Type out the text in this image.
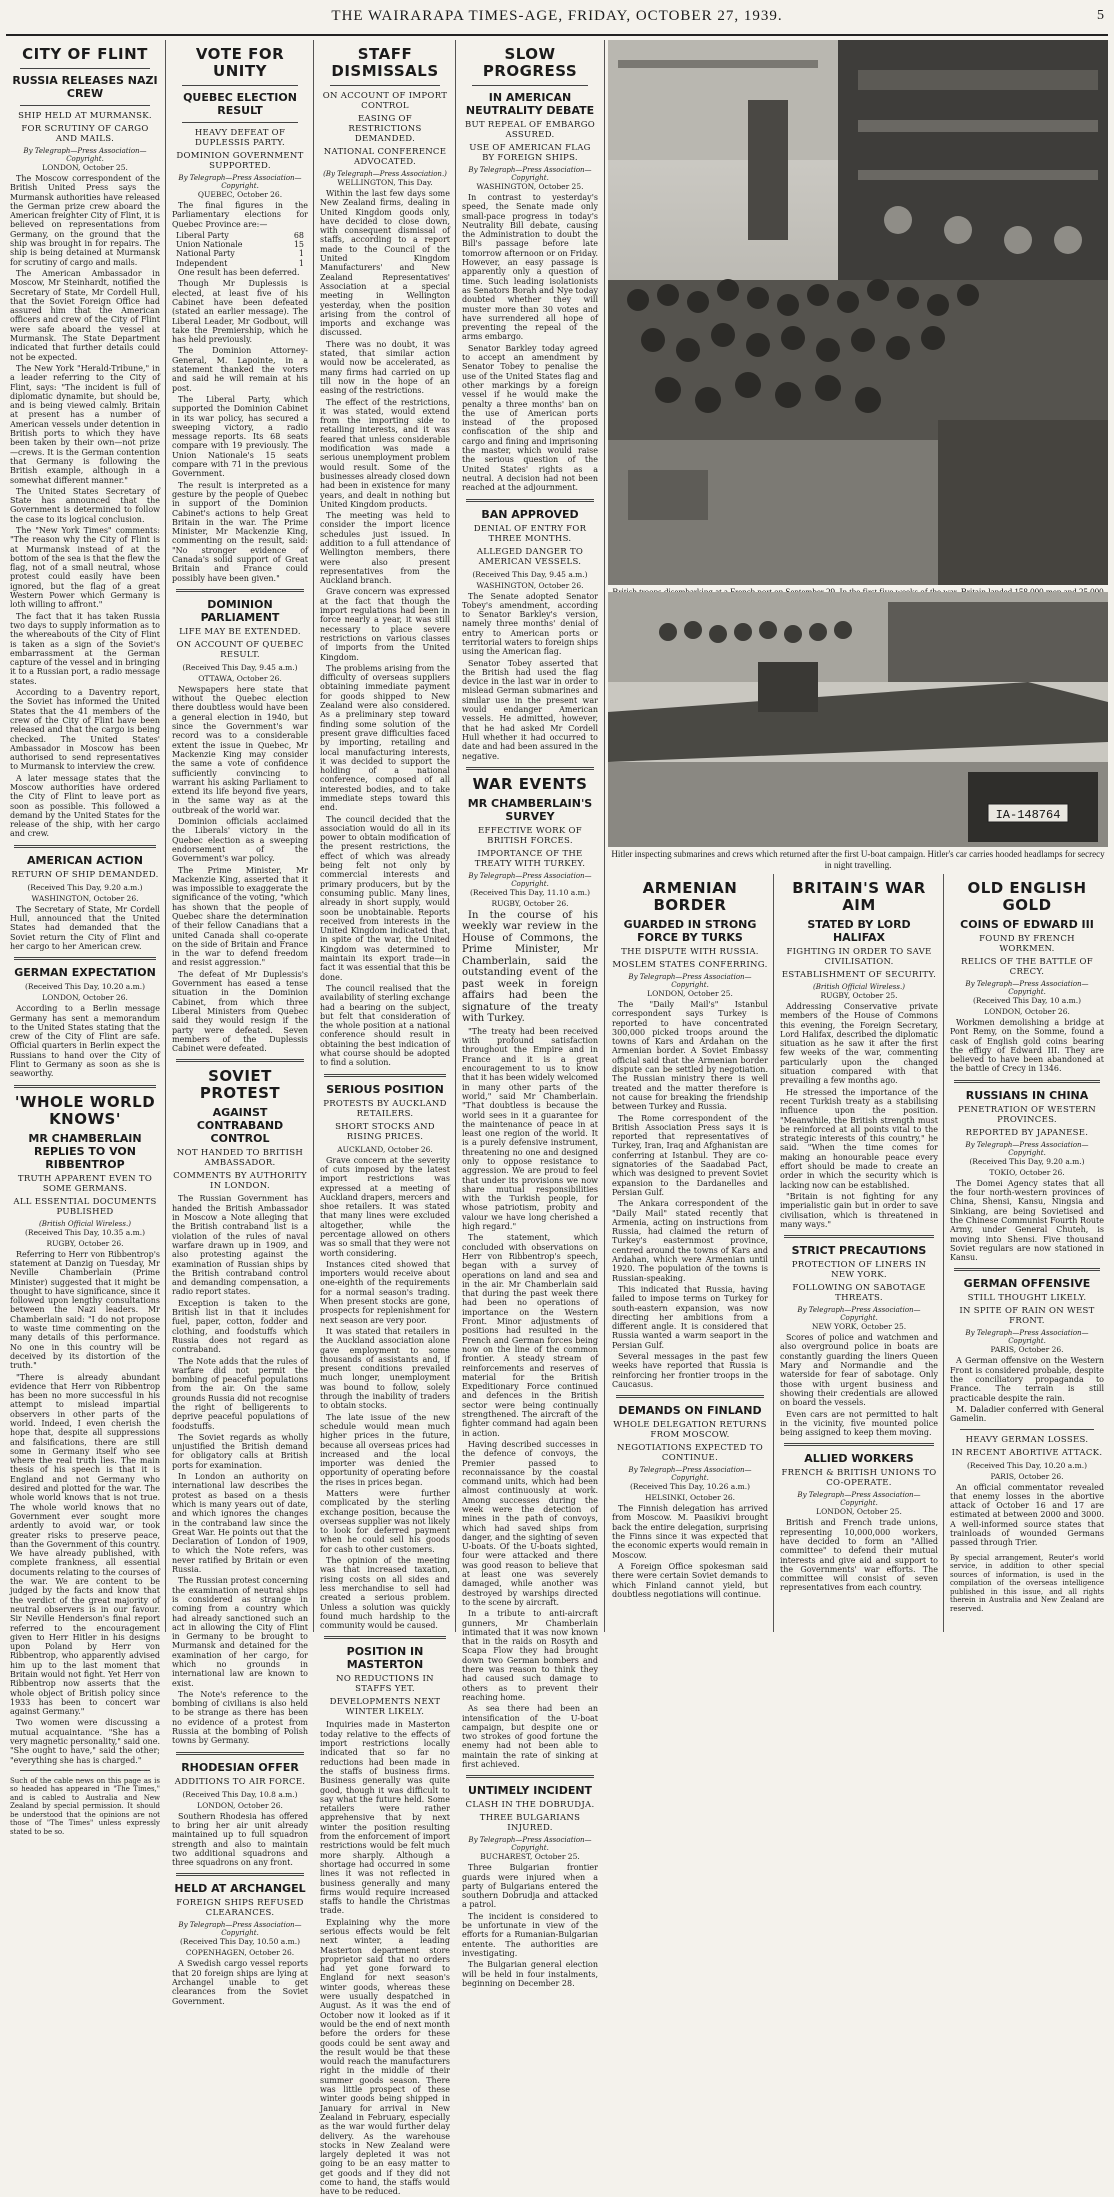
THE WAIRARAPA TIMES-AGE, FRIDAY, OCTOBER 27, 1939.	5
CITY OF FLINT
RUSSIA RELEASES NAZI CREW
SHIP HELD AT MURMANSK.
FOR SCRUTINY OF CARGO AND MAILS.
By Telegraph—Press Association—Copyright.
LONDON, October 25.

The Moscow correspondent of the British United Press says the Murmansk authorities have released the German prize crew aboard the American freighter City of Flint, it is believed on representations from Germany, on the ground that the ship was brought in for repairs. The ship is being detained at Murmansk for scrutiny of cargo and mails.

The American Ambassador in Moscow, Mr Steinhardt, notified the Secretary of State, Mr Cordell Hull, that the Soviet Foreign Office had assured him that the American officers and crew of the City of Flint were safe aboard the vessel at Murmansk. The State Department indicated that further details could not be expected.

The New York "Herald-Tribune," in a leader referring to the City of Flint, says: "The incident is full of diplomatic dynamite, but should be, and is being viewed calmly. Britain at present has a number of American vessels under detention in British ports to which they have been taken by their own—not prize—crews. It is the German contention that Germany is following the British example, although in a somewhat different manner."

The United States Secretary of State has announced that the Government is determined to follow the case to its logical conclusion.

The "New York Times" comments: "The reason why the City of Flint is at Murmansk instead of at the bottom of the sea is that the flew the flag, not of a small neutral, whose protest could easily have been ignored, but the flag of a great Western Power which Germany is loth willing to affront."

The fact that it has taken Russia two days to supply information as to the whereabouts of the City of Flint is taken as a sign of the Soviet's embarrassment at the German capture of the vessel and in bringing it to a Russian port, a radio message states.

According to a Daventry report, the Soviet has informed the United States that the 41 members of the crew of the City of Flint have been released and that the cargo is being checked. The United States' Ambassador in Moscow has been authorised to send representatives to Murmansk to interview the crew.

A later message states that the Moscow authorities have ordered the City of Flint to leave port as soon as possible. This followed a demand by the United States for the release of the ship, with her cargo and crew.

AMERICAN ACTION
RETURN OF SHIP DEMANDED.
(Received This Day, 9.20 a.m.)
WASHINGTON, October 26.

The Secretary of State, Mr Cordell Hull, announced that the United States had demanded that the Soviet return the City of Flint and her cargo to her American crew.

GERMAN EXPECTATION
(Received This Day, 10.20 a.m.)
LONDON, October 26.

According to a Berlin message Germany has sent a memorandum to the United States stating that the crew of the City of Flint are safe. Official quarters in Berlin expect the Russians to hand over the City of Flint to Germany as soon as she is seaworthy.

'WHOLE WORLD KNOWS'
MR CHAMBERLAIN REPLIES TO VON RIBBENTROP
TRUTH APPARENT EVEN TO SOME GERMANS.
ALL ESSENTIAL DOCUMENTS PUBLISHED
(British Official Wireless.)
(Received This Day, 10.35 a.m.)
RUGBY, October 26.

Referring to Herr von Ribbentrop's statement at Danzig on Tuesday, Mr Neville Chamberlain (Prime Minister) suggested that it might be thought to have significance, since it followed upon lengthy consultations between the Nazi leaders. Mr Chamberlain said: "I do not propose to waste time commenting on the many details of this performance. No one in this country will be deceived by its distortion of the truth."

"There is already abundant evidence that Herr von Ribbentrop has been no more successful in his attempt to mislead impartial observers in other parts of the world. Indeed, I even cherish the hope that, despite all suppressions and falsifications, there are still some in Germany itself who see where the real truth lies. The main thesis of his speech is that it is England and not Germany who desired and plotted for the war. The whole world knows that is not true. The whole world knows that no Government ever sought more ardently to avoid war, or took greater risks to preserve peace, than the Government of this country. We have already published, with complete frankness, all essential documents relating to the courses of the war. We are content to be judged by the facts and know that the verdict of the great majority of neutral observers is in our favour. Sir Neville Henderson's final report referred to the encouragement given to Herr Hitler in his designs upon Poland by Herr von Ribbentrop, who apparently advised him up to the last moment that Britain would not fight. Yet Herr von Ribbentrop now asserts that the whole object of British policy since 1933 has been to concert war against Germany."

Two women were discussing a mutual acquaintance. "She has a very magnetic personality," said one. "She ought to have," said the other; "everything she has is charged."

Such of the cable news on this page as is so headed has appeared in "The Times," and is cabled to Australia and New Zealand by special permission. It should be understood that the opinions are not those of "The Times" unless expressly stated to be so.

VOTE FOR UNITY
QUEBEC ELECTION RESULT
HEAVY DEFEAT OF DUPLESSIS PARTY.
DOMINION GOVERNMENT SUPPORTED.
By Telegraph—Press Association—Copyright.
QUEBEC, October 26.

The final figures in the Parliamentary elections for Quebec Province are:—

Liberal Party	68
Union Nationale	15
National Party	1
Independent	1

One result has been deferred.

Though Mr Duplessis is elected, at least five of his Cabinet have been defeated (stated an earlier message). The Liberal Leader, Mr Godbout, will take the Premiership, which he has held previously.

The Dominion Attorney-General, M. Lapointe, in a statement thanked the voters and said he will remain at his post.

The Liberal Party, which supported the Dominion Cabinet in its war policy, has secured a sweeping victory, a radio message reports. Its 68 seats compare with 19 previously. The Union Nationale's 15 seats compare with 71 in the previous Government.

The result is interpreted as a gesture by the people of Quebec in support of the Dominion Cabinet's actions to help Great Britain in the war. The Prime Minister, Mr Mackenzie King, commenting on the result, said: "No stronger evidence of Canada's solid support of Great Britain and France could possibly have been given."

DOMINION PARLIAMENT
LIFE MAY BE EXTENDED.
ON ACCOUNT OF QUEBEC RESULT.
(Received This Day, 9.45 a.m.)
OTTAWA, October 26.

Newspapers here state that without the Quebec election there doubtless would have been a general election in 1940, but since the Government's war record was to a considerable extent the issue in Quebec, Mr Mackenzie King may consider the same a vote of confidence sufficiently convincing to warrant his asking Parliament to extend its life beyond five years, in the same way as at the outbreak of the world war.

Dominion officials acclaimed the Liberals' victory in the Quebec election as a sweeping endorsement of the Government's war policy.

The Prime Minister, Mr Mackenzie King, asserted that it was impossible to exaggerate the significance of the voting, "which has shown that the people of Quebec share the determination of their fellow Canadians that a united Canada shall co-operate on the side of Britain and France in the war to defend freedom and resist aggression."

The defeat of Mr Duplessis's Government has eased a tense situation in the Dominion Cabinet, from which three Liberal Ministers from Quebec said they would resign if the party were defeated. Seven members of the Duplessis Cabinet were defeated.

SOVIET PROTEST
AGAINST CONTRABAND CONTROL
NOT HANDED TO BRITISH AMBASSADOR.
COMMENTS BY AUTHORITY IN LONDON.

The Russian Government has handed the British Ambassador in Moscow a Note alleging that the British contraband list is a violation of the rules of naval warfare drawn up in 1909, and also protesting against the examination of Russian ships by the British contraband control and demanding compensation, a radio report states.

Exception is taken to the British list in that it includes fuel, paper, cotton, fodder and clothing, and foodstuffs which Russia does not regard as contraband.

The Note adds that the rules of warfare did not permit the bombing of peaceful populations from the air. On the same grounds Russia did not recognise the right of belligerents to deprive peaceful populations of foodstuffs.

The Soviet regards as wholly unjustified the British demand for obligatory calls at British ports for examination.

In London an authority on international law describes the protest as based on a thesis which is many years out of date, and which ignores the changes in the contraband law since the Great War. He points out that the Declaration of London of 1909, to which the Note refers, was never ratified by Britain or even Russia.

The Russian protest concerning the examination of neutral ships is considered as strange in coming from a country which had already sanctioned such an act in allowing the City of Flint in Germany to be brought to Murmansk and detained for the examination of her cargo, for which no grounds in international law are known to exist.

The Note's reference to the bombing of civilians is also held to be strange as there has been no evidence of a protest from Russia at the bombing of Polish towns by Germany.

RHODESIAN OFFER
ADDITIONS TO AIR FORCE.
(Received This Day, 10.8 a.m.)
LONDON, October 26.

Southern Rhodesia has offered to bring her air unit already maintained up to full squadron strength and also to maintain two additional squadrons and three squadrons on any front.

HELD AT ARCHANGEL
FOREIGN SHIPS REFUSED CLEARANCES.
By Telegraph—Press Association—Copyright.
(Received This Day, 10.50 a.m.)
COPENHAGEN, October 26.

A Swedish cargo vessel reports that 20 foreign ships are lying at Archangel unable to get clearances from the Soviet Government.

STAFF DISMISSALS
ON ACCOUNT OF IMPORT CONTROL
EASING OF RESTRICTIONS DEMANDED.
NATIONAL CONFERENCE ADVOCATED.
(By Telegraph—Press Association.)
WELLINGTON, This Day.

Within the last few days some New Zealand firms, dealing in United Kingdom goods only, have decided to close down, with consequent dismissal of staffs, according to a report made to the Council of the United Kingdom Manufacturers' and New Zealand Representatives' Association at a special meeting in Wellington yesterday, when the position arising from the control of imports and exchange was discussed.

There was no doubt, it was stated, that similar action would now be accelerated, as many firms had carried on up till now in the hope of an easing of the restrictions.

The effect of the restrictions, it was stated, would extend from the importing side to retailing interests, and it was feared that unless considerable modification was made a serious unemployment problem would result. Some of the businesses already closed down had been in existence for many years, and dealt in nothing but United Kingdom products.

The meeting was held to consider the import licence schedules just issued. In addition to a full attendance of Wellington members, there were also present representatives from the Auckland branch.

Grave concern was expressed at the fact that though the import regulations had been in force nearly a year, it was still necessary to place severe restrictions on various classes of imports from the United Kingdom.

The problems arising from the difficulty of overseas suppliers obtaining immediate payment for goods shipped to New Zealand were also considered. As a preliminary step toward finding some solution of the present grave difficulties faced by importing, retailing and local manufacturing interests, it was decided to support the holding of a national conference, composed of all interested bodies, and to take immediate steps toward this end.

The council decided that the association would do all in its power to obtain modification of the present restrictions, the effect of which was already being felt not only by commercial interests and primary producers, but by the consuming public. Many lines, already in short supply, would soon be unobtainable. Reports received from interests in the United Kingdom indicated that, in spite of the war, the United Kingdom was determined to maintain its export trade—in fact it was essential that this be done.

The council realised that the availability of sterling exchange had a bearing on the subject, but felt that consideration of the whole position at a national conference should result in obtaining the best indication of what course should be adopted to find a solution.

SERIOUS POSITION
PROTESTS BY AUCKLAND RETAILERS.
SHORT STOCKS AND RISING PRICES.
AUCKLAND, October 26.

Grave concern at the severity of cuts imposed by the latest import restrictions was expressed at a meeting of Auckland drapers, mercers and shoe retailers. It was stated that many lines were excluded altogether, while the percentage allowed on others was so small that they were not worth considering.

Instances cited showed that importers would receive about one-eighth of the requirements for a normal season's trading. When present stocks are gone, prospects for replenishment for next season are very poor.

It was stated that retailers in the Auckland association alone gave employment to some thousands of assistants and, if present conditions prevailed much longer, unemployment was bound to follow, solely through the inability of traders to obtain stocks.

The late issue of the new schedule would mean much higher prices in the future, because all overseas prices had increased and the local importer was denied the opportunity of operating before the rises in prices began.

Matters were further complicated by the sterling exchange position, because the overseas supplier was not likely to look for deferred payment when he could sell his goods for cash to other customers.

The opinion of the meeting was that increased taxation, rising costs on all sides and less merchandise to sell had created a serious problem. Unless a solution was quickly found much hardship to the community would be caused.

POSITION IN MASTERTON
NO REDUCTIONS IN STAFFS YET.
DEVELOPMENTS NEXT WINTER LIKELY.

Inquiries made in Masterton today relative to the effects of import restrictions locally indicated that so far no reductions had been made in the staffs of business firms. Business generally was quite good, though it was difficult to say what the future held. Some retailers were rather apprehensive that by next winter the position resulting from the enforcement of import restrictions would be felt much more sharply. Although a shortage had occurred in some lines it was not reflected in business generally and many firms would require increased staffs to handle the Christmas trade.

Explaining why the more serious effects would be felt next winter, a leading Masterton department store proprietor said that no orders had yet gone forward to England for next season's winter goods, whereas these were usually despatched in August. As it was the end of October now it looked as if it would be the end of next month before the orders for these goods could be sent away and the result would be that these would reach the manufacturers right in the middle of their summer goods season. There was little prospect of these winter goods being shipped in January for arrival in New Zealand in February, especially as the war would further delay delivery. As the warehouse stocks in New Zealand were largely depleted it was not going to be an easy matter to get goods and if they did not come to hand, the staffs would have to be reduced.

SLOW PROGRESS
IN AMERICAN NEUTRALITY DEBATE
BUT REPEAL OF EMBARGO ASSURED.
USE OF AMERICAN FLAG BY FOREIGN SHIPS.
By Telegraph—Press Association—Copyright.
WASHINGTON, October 25.

In contrast to yesterday's speed, the Senate made only small-pace progress in today's Neutrality Bill debate, causing the Administration to doubt the Bill's passage before late tomorrow afternoon or on Friday. However, an easy passage is apparently only a question of time. Such leading isolationists as Senators Borah and Nye today doubted whether they will muster more than 30 votes and have surrendered all hope of preventing the repeal of the arms embargo.

Senator Barkley today agreed to accept an amendment by Senator Tobey to penalise the use of the United States flag and other markings by a foreign vessel if he would make the penalty a three months' ban on the use of American ports instead of the proposed confiscation of the ship and cargo and fining and imprisoning the master, which would raise the serious question of the United States' rights as a neutral. A decision had not been reached at the adjournment.

BAN APPROVED
DENIAL OF ENTRY FOR THREE MONTHS.
ALLEGED DANGER TO AMERICAN VESSELS.
(Received This Day, 9.45 a.m.)
WASHINGTON, October 26.

The Senate adopted Senator Tobey's amendment, according to Senator Barkley's version, namely three months' denial of entry to American ports or territorial waters to foreign ships using the American flag.

Senator Tobey asserted that the British had used the flag device in the last war in order to mislead German submarines and similar use in the present war would endanger American vessels. He admitted, however, that he had asked Mr Cordell Hull whether it had occurred to date and had been assured in the negative.

WAR EVENTS
MR CHAMBERLAIN'S SURVEY
EFFECTIVE WORK OF BRITISH FORCES.
IMPORTANCE OF THE TREATY WITH TURKEY.
By Telegraph—Press Association—Copyright.
(Received This Day, 11.10 a.m.)
RUGBY, October 26.

In the course of his weekly war review in the House of Commons, the Prime Minister, Mr Chamberlain, said the outstanding event of the past week in foreign affairs had been the signature of the treaty with Turkey.

"The treaty had been received with profound satisfaction throughout the Empire and in France and it is a great encouragement to us to know that it has been widely welcomed in many other parts of the world," said Mr Chamberlain. "That doubtless is because the world sees in it a guarantee for the maintenance of peace in at least one region of the world. It is a purely defensive instrument, threatening no one and designed only to oppose resistance to aggression. We are proud to feel that under its provisions we now share mutual responsibilities with the Turkish people, for whose patriotism, probity and valour we have long cherished a high regard."

The statement, which concluded with observations on Herr von Ribbentrop's speech, began with a survey of operations on land and sea and in the air. Mr Chamberlain said that during the past week there had been no operations of importance on the Western Front. Minor adjustments of positions had resulted in the French and German forces being now on the line of the common frontier. A steady stream of reinforcements and reserves of material for the British Expeditionary Force continued and defences in the British sector were being continually strengthened. The aircraft of the fighter command had again been in action.

Having described successes in the defence of convoys, the Premier passed to reconnaissance by the coastal command units, which had been almost continuously at work. Among successes during the week were the detection of mines in the path of convoys, which had saved ships from danger, and the sighting of seven U-boats. Of the U-boats sighted, four were attacked and there was good reason to believe that at least one was severely damaged, while another was destroyed by warships directed to the scene by aircraft.

In a tribute to anti-aircraft gunners, Mr Chamberlain intimated that it was now known that in the raids on Rosyth and Scapa Flow they had brought down two German bombers and there was reason to think they had caused such damage to others as to prevent their reaching home.

As sea there had been an intensification of the U-boat campaign, but despite one or two strokes of good fortune the enemy had not been able to maintain the rate of sinking at first achieved.

UNTIMELY INCIDENT
CLASH IN THE DOBRUDJA.
THREE BULGARIANS INJURED.
By Telegraph—Press Association—Copyright.
BUCHAREST, October 25.

Three Bulgarian frontier guards were injured when a party of Bulgarians entered the southern Dobrudja and attacked a patrol.

The incident is considered to be unfortunate in view of the efforts for a Rumanian-Bulgarian entente. The authorities are investigating.

The Bulgarian general election will be held in four instalments, beginning on December 28.

IA-148764
Hitler inspecting submarines and crews which returned after the first U-boat campaign. Hitler's car carries hooded headlamps for secrecy in night travelling.
ARMENIAN BORDER
GUARDED IN STRONG FORCE BY TURKS
THE DISPUTE WITH RUSSIA.
MOSLEM STATES CONFERRING.
By Telegraph—Press Association—Copyright.
LONDON, October 25.

The "Daily Mail's" Istanbul correspondent says Turkey is reported to have concentrated 300,000 picked troops around the towns of Kars and Ardahan on the Armenian border. A Soviet Embassy official said that the Armenian border dispute can be settled by negotiation. The Russian ministry there is well treated and the matter therefore is not cause for breaking the friendship between Turkey and Russia.

The Rome correspondent of the British Association Press says it is reported that representatives of Turkey, Iran, Iraq and Afghanistan are conferring at Istanbul. They are co-signatories of the Saadabad Pact, which was designed to prevent Soviet expansion to the Dardanelles and Persian Gulf.

The Ankara correspondent of the "Daily Mail" stated recently that Armenia, acting on instructions from Russia, had claimed the return of Turkey's easternmost province, centred around the towns of Kars and Ardahan, which were Armenian until 1920. The population of the towns is Russian-speaking.

This indicated that Russia, having failed to impose terms on Turkey for south-eastern expansion, was now directing her ambitions from a different angle. It is considered that Russia wanted a warm seaport in the Persian Gulf.

Several messages in the past few weeks have reported that Russia is reinforcing her frontier troops in the Caucasus.

DEMANDS ON FINLAND
WHOLE DELEGATION RETURNS FROM MOSCOW.
NEGOTIATIONS EXPECTED TO CONTINUE.
By Telegraph—Press Association—Copyright.
(Received This Day, 10.26 a.m.)
HELSINKI, October 26.

The Finnish delegation has arrived from Moscow. M. Paasikivi brought back the entire delegation, surprising the Finns since it was expected that the economic experts would remain in Moscow.

A Foreign Office spokesman said there were certain Soviet demands to which Finland cannot yield, but doubtless negotiations will continue.

BRITAIN'S WAR AIM
STATED BY LORD HALIFAX
FIGHTING IN ORDER TO SAVE CIVILISATION.
ESTABLISHMENT OF SECURITY.
(British Official Wireless.)
RUGBY, October 25.

Addressing Conservative private members of the House of Commons this evening, the Foreign Secretary, Lord Halifax, described the diplomatic situation as he saw it after the first few weeks of the war, commenting particularly upon the changed situation compared with that prevailing a few months ago.

He stressed the importance of the recent Turkish treaty as a stabilising influence upon the position. "Meanwhile, the British strength must be reinforced at all points vital to the strategic interests of this country," he said. "When the time comes for making an honourable peace every effort should be made to create an order in which the security which is lacking now can be established.

"Britain is not fighting for any imperialistic gain but in order to save civilisation, which is threatened in many ways."

STRICT PRECAUTIONS
PROTECTION OF LINERS IN NEW YORK.
FOLLOWING ON SABOTAGE THREATS.
By Telegraph—Press Association—Copyright.
NEW YORK, October 25.

Scores of police and watchmen and also overground police in boats are constantly guarding the liners Queen Mary and Normandie and the waterside for fear of sabotage. Only those with urgent business and showing their credentials are allowed on board the vessels.

Even cars are not permitted to halt in the vicinity, five mounted police being assigned to keep them moving.

ALLIED WORKERS
FRENCH & BRITISH UNIONS TO CO-OPERATE.
By Telegraph—Press Association—Copyright.
LONDON, October 25.

British and French trade unions, representing 10,000,000 workers, have decided to form an "Allied committee" to defend their mutual interests and give aid and support to the Governments' war efforts. The committee will consist of seven representatives from each country.

OLD ENGLISH GOLD
COINS OF EDWARD III
FOUND BY FRENCH WORKMEN.
RELICS OF THE BATTLE OF CRECY.
By Telegraph—Press Association—Copyright.
(Received This Day, 10 a.m.)
LONDON, October 26.

Workmen demolishing a bridge at Pont Remy, on the Somme, found a cask of English gold coins bearing the effigy of Edward III. They are believed to have been abandoned at the battle of Crecy in 1346.

RUSSIANS IN CHINA
PENETRATION OF WESTERN PROVINCES.
REPORTED BY JAPANESE.
By Telegraph—Press Association—Copyright.
(Received This Day, 9.20 a.m.)
TOKIO, October 26.

The Domei Agency states that all the four north-western provinces of China, Shensi, Kansu, Ningsia and Sinkiang, are being Sovietised and the Chinese Communist Fourth Route Army, under General Chuteh, is moving into Shensi. Five thousand Soviet regulars are now stationed in Kansu.

GERMAN OFFENSIVE
STILL THOUGHT LIKELY.
IN SPITE OF RAIN ON WEST FRONT.
By Telegraph—Press Association—Copyright.
PARIS, October 26.

A German offensive on the Western Front is considered probable, despite the conciliatory propaganda to France. The terrain is still practicable despite the rain.

M. Daladier conferred with General Gamelin.

HEAVY GERMAN LOSSES.
IN RECENT ABORTIVE ATTACK.
(Received This Day, 10.20 a.m.)
PARIS, October 26.

An official commentator revealed that enemy losses in the abortive attack of October 16 and 17 are estimated at between 2000 and 3000. A well-informed source states that trainloads of wounded Germans passed through Trier.

By special arrangement, Reuter's world service, in addition to other special sources of information, is used in the compilation of the overseas intelligence published in this issue, and all rights therein in Australia and New Zealand are reserved.
